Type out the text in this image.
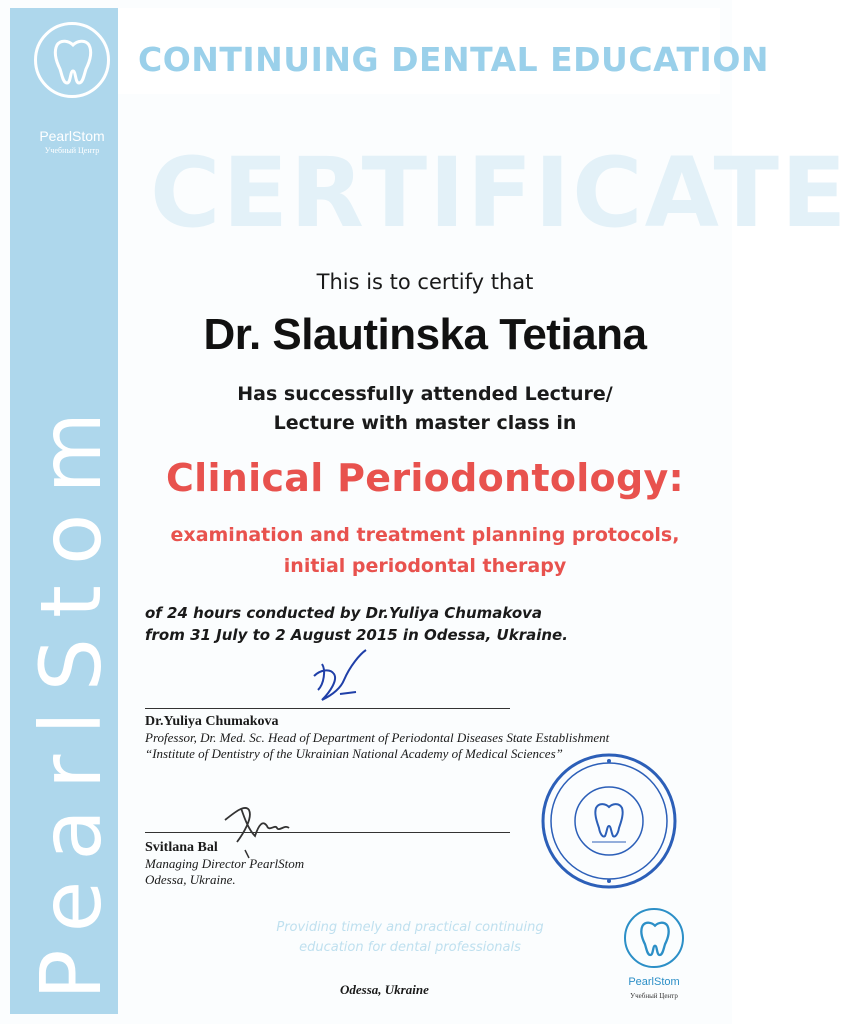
PearlStom
Учебный Центр
PearlStom
CONTINUING DENTAL EDUCATION
CERTIFICATE
This is to certify that
Dr. Slautinska Tetiana
Has successfully attended Lecture/
Lecture with master class in
Clinical Periodontology:
examination and treatment planning protocols,
initial periodontal therapy
of 24 hours conducted by Dr.Yuliya Chumakova
from 31 July to 2 August 2015 in Odessa, Ukraine.
Dr.Yuliya Chumakova
Professor, Dr. Med. Sc. Head of Department of Periodontal Diseases State Establishment
“Institute of Dentistry of the Ukrainian National Academy of Medical Sciences”
Svitlana Bal
Managing Director PearlStom
Odessa, Ukraine.
Providing timely and practical continuing
education for dental professionals
PearlStom
Учебный Центр
Odessa, Ukraine
